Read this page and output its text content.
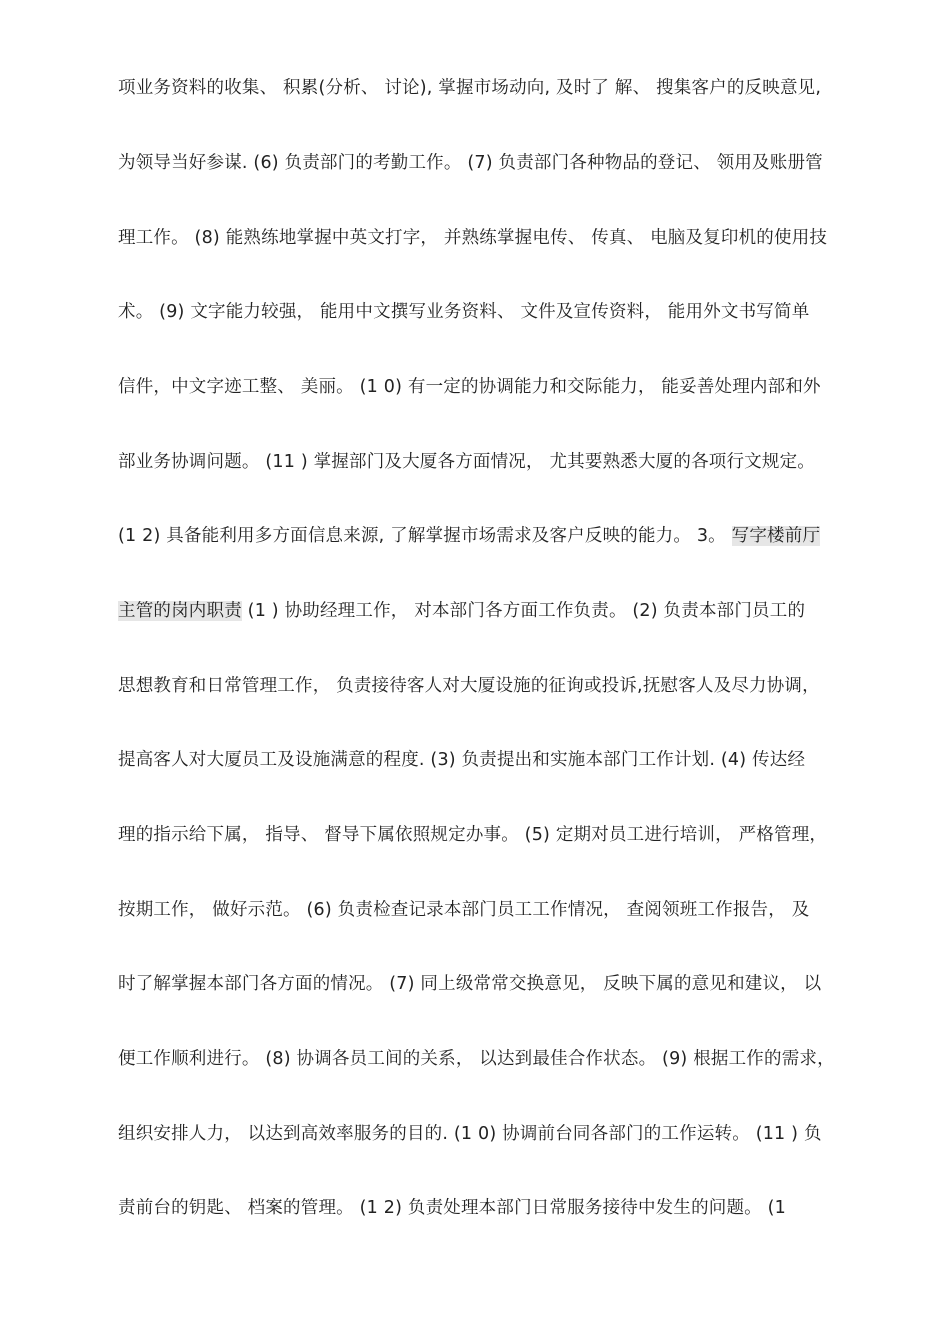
项业务资料的收集、 积累(分析、 讨论), 掌握市场动向, 及时了 解、 搜集客户的反映意见,
为领导当好参谋. (6) 负责部门的考勤工作。 (7) 负责部门各种物品的登记、 领用及账册管
理工作。 (8) 能熟练地掌握中英文打字， 并熟练掌握电传、 传真、 电脑及复印机的使用技
术。 (9) 文字能力较强， 能用中文撰写业务资料、 文件及宣传资料， 能用外文书写简单
信件，中文字迹工整、 美丽。 (1 0) 有一定的协调能力和交际能力， 能妥善处理内部和外
部业务协调问题。 (11 ) 掌握部门及大厦各方面情况， 尤其要熟悉大厦的各项行文规定。
(1 2) 具备能利用多方面信息来源, 了解掌握市场需求及客户反映的能力。 3。 写字楼前厅
主管的岗内职责 (1 ) 协助经理工作， 对本部门各方面工作负责。 (2) 负责本部门员工的
思想教育和日常管理工作， 负责接待客人对大厦设施的征询或投诉,抚慰客人及尽力协调，
提高客人对大厦员工及设施满意的程度. (3) 负责提出和实施本部门工作计划. (4) 传达经
理的指示给下属， 指导、 督导下属依照规定办事。 (5) 定期对员工进行培训， 严格管理，
按期工作， 做好示范。 (6) 负责检查记录本部门员工工作情况， 查阅领班工作报告， 及
时了解掌握本部门各方面的情况。 (7) 同上级常常交换意见， 反映下属的意见和建议， 以
便工作顺利进行。 (8) 协调各员工间的关系， 以达到最佳合作状态。 (9) 根据工作的需求，
组织安排人力， 以达到高效率服务的目的. (1 0) 协调前台同各部门的工作运转。 (11 ) 负
责前台的钥匙、 档案的管理。 (1 2) 负责处理本部门日常服务接待中发生的问题。 (1
